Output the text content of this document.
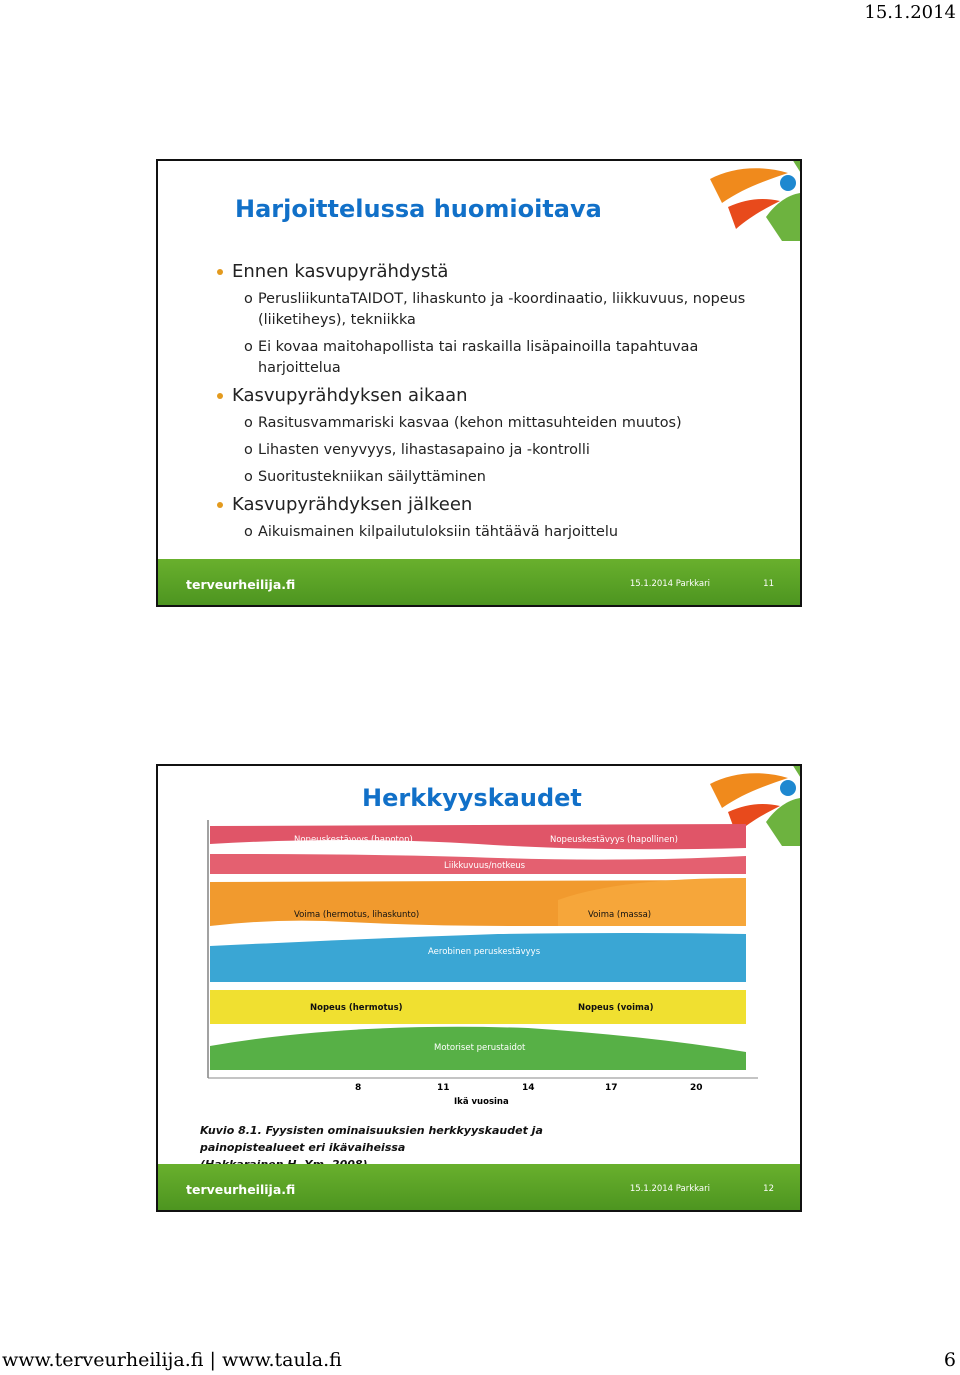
15.1.2014
Harjoittelussa huomioitava
Ennen kasvupyrähdystä
o PerusliikuntaTAIDOT, lihaskunto ja -koordinaatio, liikkuvuus, nopeus (liiketiheys), tekniikka
o Ei kovaa maitohapollista tai raskailla lisäpainoilla tapahtuvaa harjoittelua
Kasvupyrähdyksen aikaan
o Rasitusvammariski kasvaa (kehon mittasuhteiden muutos)
o Lihasten venyvyys, lihastasapaino ja -kontrolli
o Suoritustekniikan säilyttäminen
Kasvupyrähdyksen jälkeen
o Aikuismainen kilpailutuloksiin tähtäävä harjoittelu
terveurheilija.fi	15.1.2014 Parkkari	11
Herkkyyskaudet
Nopeuskestävyys (hapoton)	Nopeuskestävyys (hapollinen)
Liikkuvuus/notkeus
Voima (hermotus, lihaskunto)	Voima (massa)
Aerobinen peruskestävyys
Nopeus (hermotus)	Nopeus (voima)
Motoriset perustaidot
8	11	14	17	20
Ikä vuosina
Kuvio 8.1. Fyysisten ominaisuuksien herkkyyskaudet ja painopistealueet eri ikävaiheissa
terveurheilija.fi	15.1.2014 Parkkari	12
www.terveurheilija.fi | www.taula.fi	6
